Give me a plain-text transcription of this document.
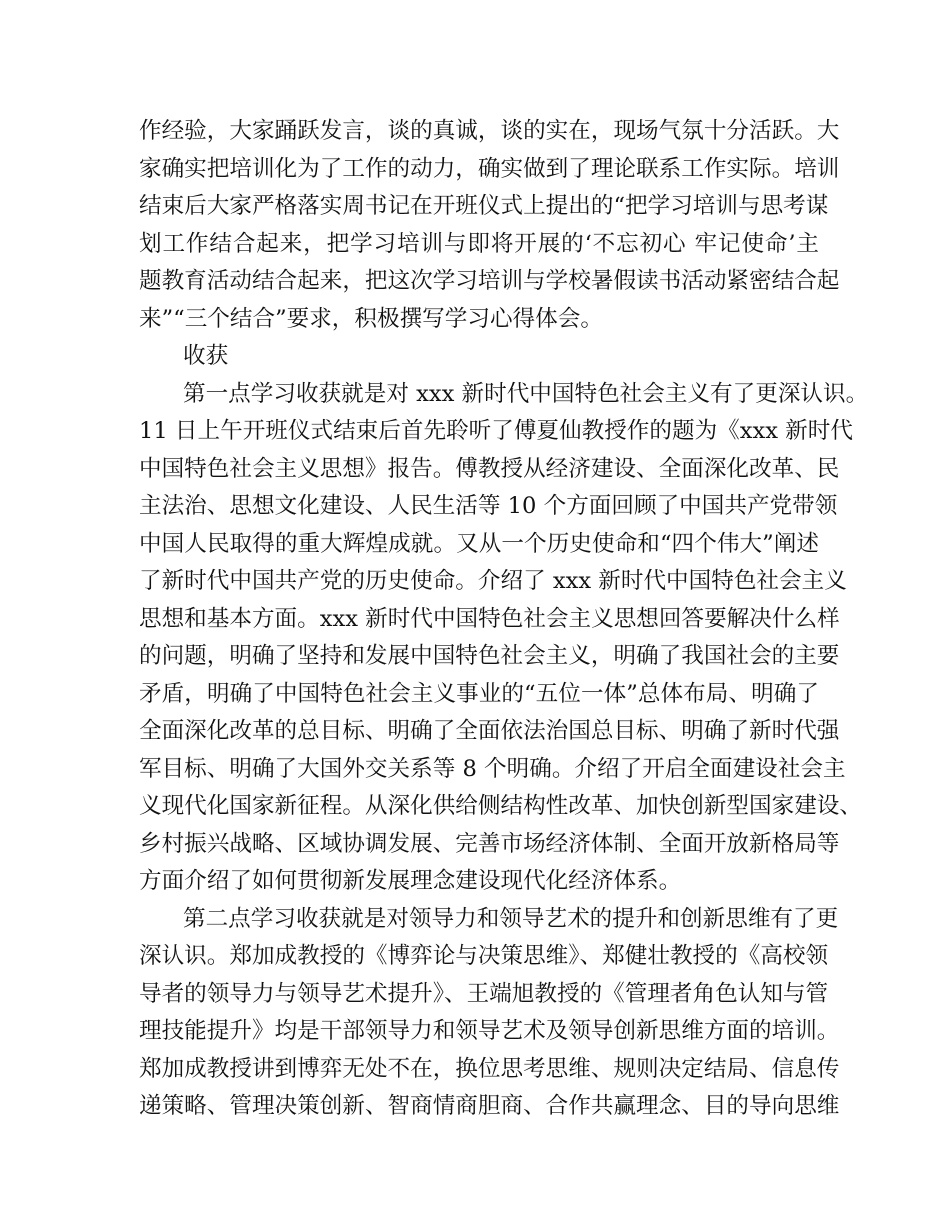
作经验，大家踊跃发言，谈的真诚，谈的实在，现场气氛十分活跃。大
家确实把培训化为了工作的动力，确实做到了理论联系工作实际。培训
结束后大家严格落实周书记在开班仪式上提出的“把学习培训与思考谋
划工作结合起来，把学习培训与即将开展的‘不忘初心 牢记使命’主
题教育活动结合起来，把这次学习培训与学校暑假读书活动紧密结合起
来”“三个结合”要求，积极撰写学习心得体会。
收获
第一点学习收获就是对 xxx 新时代中国特色社会主义有了更深认识。
11 日上午开班仪式结束后首先聆听了傅夏仙教授作的题为《xxx 新时代
中国特色社会主义思想》报告。傅教授从经济建设、全面深化改革、民
主法治、思想文化建设、人民生活等 10 个方面回顾了中国共产党带领
中国人民取得的重大辉煌成就。又从一个历史使命和“四个伟大”阐述
了新时代中国共产党的历史使命。介绍了 xxx 新时代中国特色社会主义
思想和基本方面。xxx 新时代中国特色社会主义思想回答要解决什么样
的问题，明确了坚持和发展中国特色社会主义，明确了我国社会的主要
矛盾，明确了中国特色社会主义事业的“五位一体”总体布局、明确了
全面深化改革的总目标、明确了全面依法治国总目标、明确了新时代强
军目标、明确了大国外交关系等 8 个明确。介绍了开启全面建设社会主
义现代化国家新征程。从深化供给侧结构性改革、加快创新型国家建设、
乡村振兴战略、区域协调发展、完善市场经济体制、全面开放新格局等
方面介绍了如何贯彻新发展理念建设现代化经济体系。
第二点学习收获就是对领导力和领导艺术的提升和创新思维有了更
深认识。郑加成教授的《博弈论与决策思维》、郑健壮教授的《高校领
导者的领导力与领导艺术提升》、王端旭教授的《管理者角色认知与管
理技能提升》均是干部领导力和领导艺术及领导创新思维方面的培训。
郑加成教授讲到博弈无处不在，换位思考思维、规则决定结局、信息传
递策略、管理决策创新、智商情商胆商、合作共赢理念、目的导向思维
